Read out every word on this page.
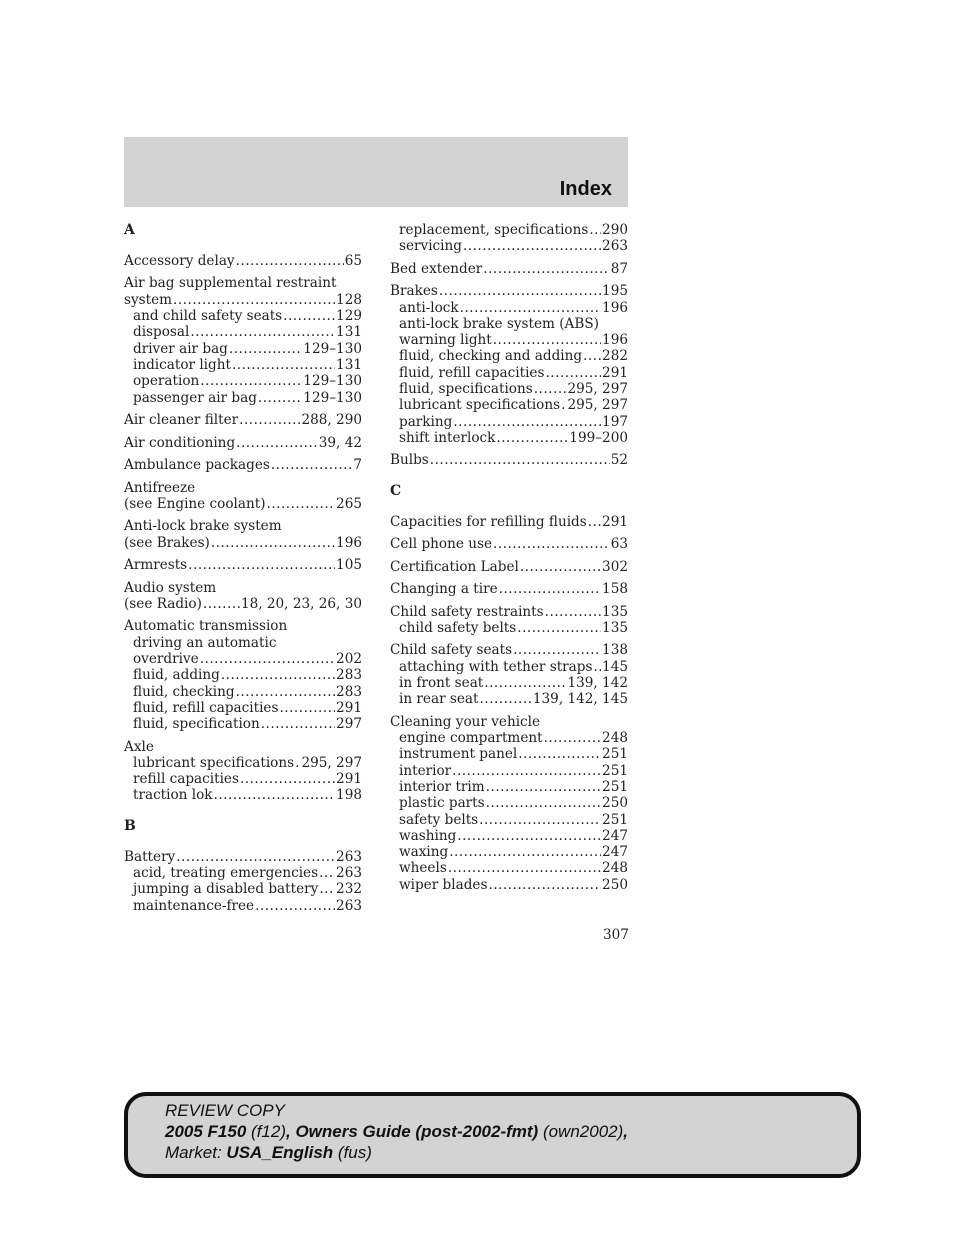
Index
A
Accessory delay .....	65
Air bag supplemental restraint
system .....	128
and child safety seats .....	129
disposal .....	131
driver air bag .....	129–130
indicator light .....	131
operation .....	129–130
passenger air bag .....	129–130
Air cleaner filter .....	288, 290
Air conditioning .....	39, 42
Ambulance packages .....	7
Antifreeze
(see Engine coolant) .....	265
Anti-lock brake system
(see Brakes) .....	196
Armrests .....	105
Audio system
(see Radio) .....	18, 20, 23, 26, 30
Automatic transmission
driving an automatic
overdrive .....	202
fluid, adding .....	283
fluid, checking .....	283
fluid, refill capacities .....	291
fluid, specification .....	297
Axle
lubricant specifications ..... 295, 297
refill capacities .....	291
traction lok .....	198
B
Battery .....	263
acid, treating emergencies ..... 263
jumping a disabled battery ..... 232
maintenance-free .....	263
replacement, specifications ..... 290
servicing .....	263
Bed extender .....	87
Brakes .....	195
anti-lock .....	196
anti-lock brake system (ABS)
warning light .....	196
fluid, checking and adding ..... 282
fluid, refill capacities .....	291
fluid, specifications .....	295, 297
lubricant specifications ..... 295, 297
parking .....	197
shift interlock .....	199–200
Bulbs .....	52
C
Capacities for refilling fluids ..... 291
Cell phone use .....	63
Certification Label .....	302
Changing a tire .....	158
Child safety restraints .....	135
child safety belts .....	135
Child safety seats .....	138
attaching with tether straps ..... 145
in front seat .....	139, 142
in rear seat .....	139, 142, 145
Cleaning your vehicle
engine compartment .....	248
instrument panel .....	251
interior .....	251
interior trim .....	251
plastic parts .....	250
safety belts .....	251
washing .....	247
waxing .....	247
wheels .....	248
wiper blades .....	250
307
REVIEW COPY
2005 F150 (f12), Owners Guide (post-2002-fmt) (own2002),
Market: USA_English (fus)
